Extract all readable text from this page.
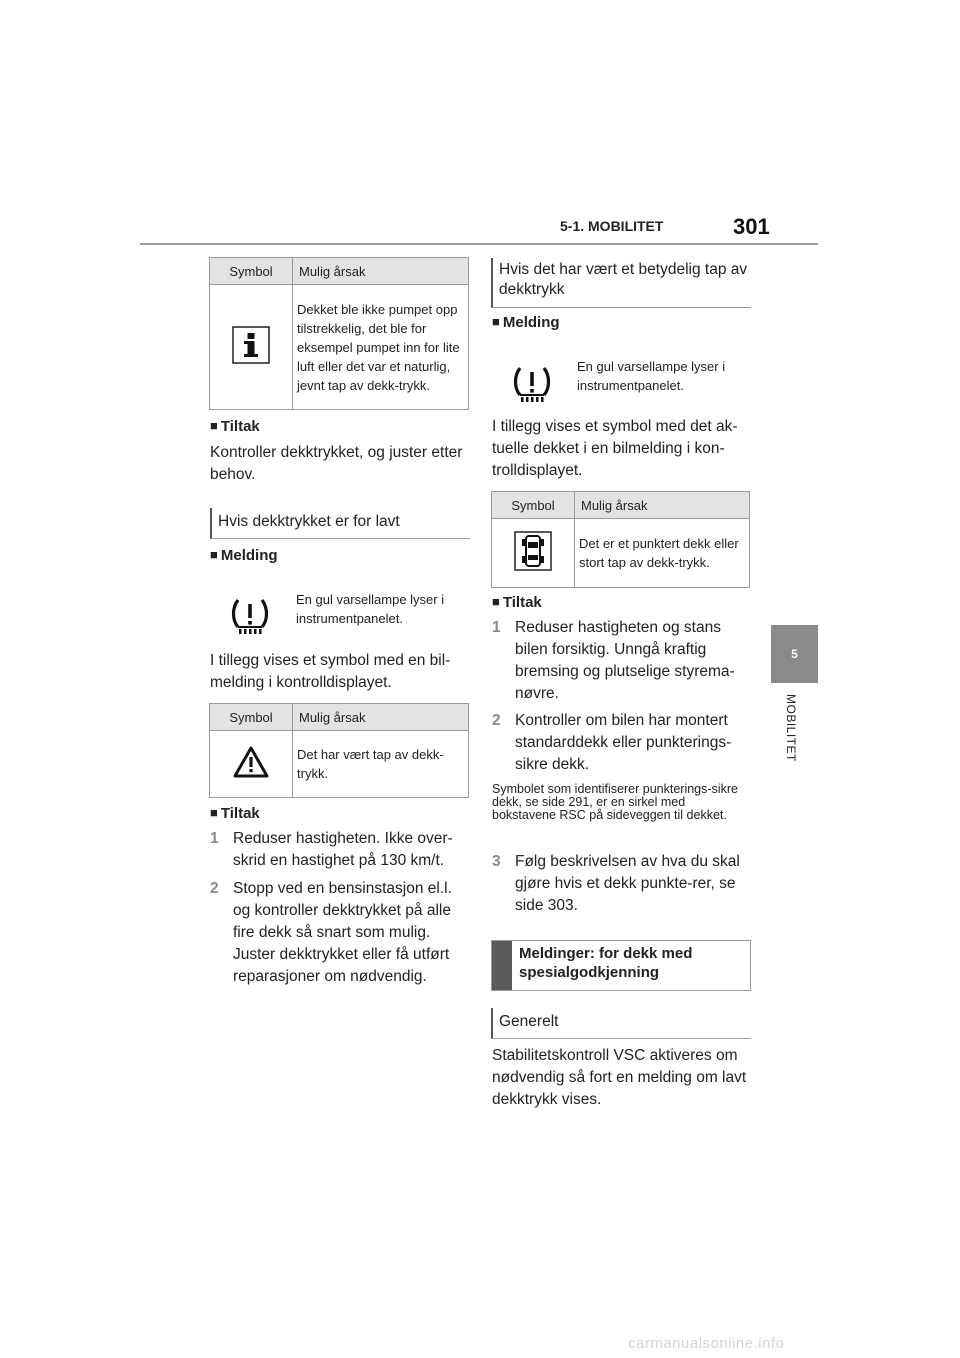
5-1. MOBILITET	301
5
MOBILITET
Symbol	Mulig årsak
	Dekket ble ikke pumpet opp tilstrekkelig, det ble for eksempel pumpet inn for lite luft eller det var et naturlig, jevnt tap av dekk-trykk.
■ Tiltak
Kontroller dekktrykket, og juster etter behov.
Hvis dekktrykket er for lavt
■ Melding
En gul varsellampe lyser i instrumentpanelet.
I tillegg vises et symbol med en bil-melding i kontrolldisplayet.
Symbol	Mulig årsak
	Det har vært tap av dekk-trykk.
■ Tiltak
1 Reduser hastigheten. Ikke over-skrid en hastighet på 130 km/t.
2 Stopp ved en bensinstasjon el.l. og kontroller dekktrykket på alle fire dekk så snart som mulig. Juster dekktrykket eller få utført reparasjoner om nødvendig.
Hvis det har vært et betydelig tap av dekktrykk
■ Melding
En gul varsellampe lyser i instrumentpanelet.
I tillegg vises et symbol med det ak-tuelle dekket i en bilmelding i kon-trolldisplayet.
Symbol	Mulig årsak
	Det er et punktert dekk eller stort tap av dekk-trykk.
■ Tiltak
1 Reduser hastigheten og stans bilen forsiktig. Unngå kraftig bremsing og plutselige styrema-nøvre.
2 Kontroller om bilen har montert standarddekk eller punkterings-sikre dekk.
Symbolet som identifiserer punkterings-sikre dekk, se side 291, er en sirkel med bokstavene RSC på sideveggen til dekket.
3 Følg beskrivelsen av hva du skal gjøre hvis et dekk punkte-rer, se side 303.
Meldinger: for dekk med spesialgodkjenning
Generelt
Stabilitetskontroll VSC aktiveres om nødvendig så fort en melding om lavt dekktrykk vises.
carmanualsonline.info
